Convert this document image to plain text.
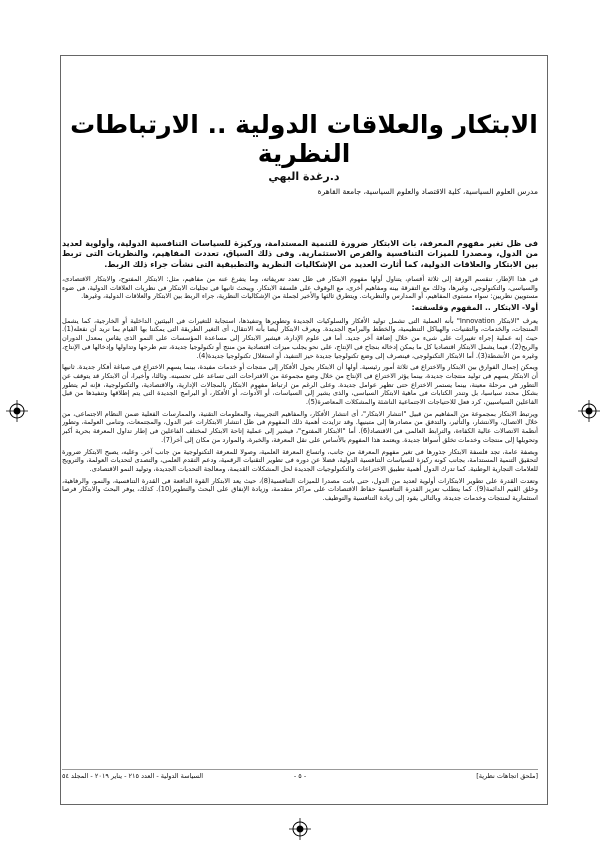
الابتكار والعلاقات الدولية .. الارتباطات النظرية
د.رغدة البهي
مدرس العلوم السياسية، كلية الاقتصاد والعلوم السياسية، جامعة القاهرة

فى ظل تغير مفهوم المعرفة، بات الابتكار ضرورة للتنمية المستدامة، وركيزة للسياسات التنافسية الدولية، وأولوية لعديد من الدول، ومصدرا للميزات التنافسية والفرص الاستثمارية. وفى ذلك السياق، تعددت المفاهيم، والنظريات التى تربط بين الابتكار والعلاقات الدولية، كما أثارت العديد من الإشكاليات النظرية والتطبيقية التى نشأت جراء ذلك الربط.

فى هذا الإطار، تنقسم الورقة إلى ثلاثة أقسام، يتناول أولها مفهوم الابتكار فى ظل تعدد تعريفاته، وما يتفرع عنه من مفاهيم، مثل: الابتكار المفتوح، والابتكار الاقتصادى، والسياسى، والتكنولوجى، وغيرها، وذلك مع التفرقة بينه ومفاهيم أخرى، مع الوقوف على فلسفة الابتكار. ويبحث ثانيها فى تجليات الابتكار فى نظريات العلاقات الدولية، فى ضوء مستويين نظريين: سواء مستوى المفاهيم، أو المدارس والنظريات. ويتطرق ثالثها والأخير لجملة من الإشكاليات النظرية، جراء الربط بين الابتكار والعلاقات الدولية، وغيرها.

أولا- الابتكار .. المفهوم وفلسفته:

يعرف "الابتكار Innovation" بأنه العملية التى تشمل توليد الأفكار والسلوكيات الجديدة وتطويرها وتنفيذها، استجابة للتغيرات فى البيئتين الداخلية أو الخارجية، كما يشمل المنتجات، والخدمات، والتقنيات، والهياكل التنظيمية، والخطط والبرامج الجديدة. ويعرف الابتكار أيضا بأنه الانتقال، أى التغير الطريقة التى يمكننا بها القيام بما نريد أن نفعله(1). حيث إنه عملية إجراء تغييرات على شىء من خلال إضافة آخر جديد. أما فى علوم الإدارة، فيشير الابتكار إلى مساعدة المؤسسات على النمو الذى يقاس بمعدل الدوران والربح(2). فيما يشمل الابتكار اقتصاديا كل ما يمكن إدخاله بنجاح فى الإنتاج، على نحو يجلب ميزات اقتصادية من منتج أو تكنولوجيا جديدة، تتم طرحها وتداولها وإدخالها فى الإنتاج، وغيره من الأنشطة(3). أما الابتكار التكنولوجى، فينصرف إلى وضع تكنولوجيا جديدة حيز التنفيذ، أو استغلال تكنولوجيا جديدة(4).

ويمكن إجمال الفوارق بين الابتكار والاختراع فى ثلاثة أمور رئيسية. أولها أن الابتكار يحول الأفكار إلى منتجات أو خدمات مفيدة، بينما يسهم الاختراع فى صياغة أفكار جديدة. ثانيها أن الابتكار يسهم فى توليد منتجات جديدة، بينما يؤثر الاختراع فى الإنتاج من خلال وضع مجموعة من الاقتراحات التى تساعد على تحسينه. وثالثا، وأخيرا، أن الابتكار قد يتوقف عن التطور فى مرحلة معينة، بينما يستمر الاختراع حتى تظهر عوامل جديدة. وعلى الرغم من ارتباط مفهوم الابتكار بالمجالات الإدارية، والاقتصادية، والتكنولوجية، فإنه لم يتطور بشكل محدد سياسيا، بل وتندر الكتابات فى ماهية الابتكار السياسى، والذى يشير إلى السياسات، أو الأدوات، أو الأفكار، أو البرامج الجديدة التى يتم إطلاقها وتنفيذها من قبل الفاعلين السياسيين، كرد فعل للاحتياجات الاجتماعية الناشئة والمشكلات المعاصرة(5).

ويرتبط الابتكار بمجموعة من المفاهيم من قبيل "انتشار الابتكار"، أى انتشار الأفكار، والمفاهيم التجريبية، والمعلومات التقنية، والممارسات الفعلية ضمن النظام الاجتماعى، من خلال الاتصال، والانتشار، والتأثير، والتدفق من مصادرها إلى متبنيها. وقد تزايدت أهمية ذلك المفهوم فى ظل انتشار الابتكارات عبر الدول، والمجتمعات، وتنامى العولمة، وتطور أنظمة الاتصالات عالية الكفاءة، والترابط العالمى فى الاقتصاد(6). أما "الابتكار المفتوح"، فيشير إلى عملية إتاحة الابتكار لمختلف الفاعلين فى إطار تداول المعرفة بحرية أكبر وتحويلها إلى منتجات وخدمات تخلق أسواقا جديدة. ويعتمد هذا المفهوم بالأساس على نقل المعرفة، والخبرة، والموارد من مكان إلى آخر(7).

وبصفة عامة، تجد فلسفة الابتكار جذورها فى تغير مفهوم المعرفة من جانب، واتساع المعرفة العلمية، وصولا للمعرفة التكنولوجية من جانب آخر. وعليه، يصبح الابتكار ضرورة لتحقيق التنمية المستدامة، بجانب كونه ركيزة للسياسات التنافسية الدولية، فضلا عن دوره فى تطوير التقنيات الرقمية، ودعم التقدم العلمى، والتصدى لتحديات العولمة، والترويج للعلامات التجارية الوطنية. كما تدرك الدول أهمية تطبيق الاختراعات والتكنولوجيات الجديدة لحل المشكلات القديمة، ومعالجة التحديات الجديدة، وتوليد النمو الاقتصادى.

وتعدت القدرة على تطوير الابتكارات أولوية لعديد من الدول، حتى باتت مصدرا للميزات التنافسية(8)، حيث يعد الابتكار القوة الدافعة فى القدرة التنافسية، والنمو، والرفاهية، وخلق القيم الدائمة(9). كما يتطلب تعزيز القدرة التنافسية حفاظ الاقتصادات على مراكز متقدمة، وزيادة الإنفاق على البحث والتطوير(10). كذلك، يوفر البحث والابتكار فرصا استثمارية لمنتجات وخدمات جديدة، وبالتالى يقود إلى زيادة التنافسية والتوظيف.

[ملحق اتجاهات نظرية]
- ٥ -
السياسة الدولية - العدد ٢١٥ - يناير ٢٠١٩ - المجلد ٥٤
